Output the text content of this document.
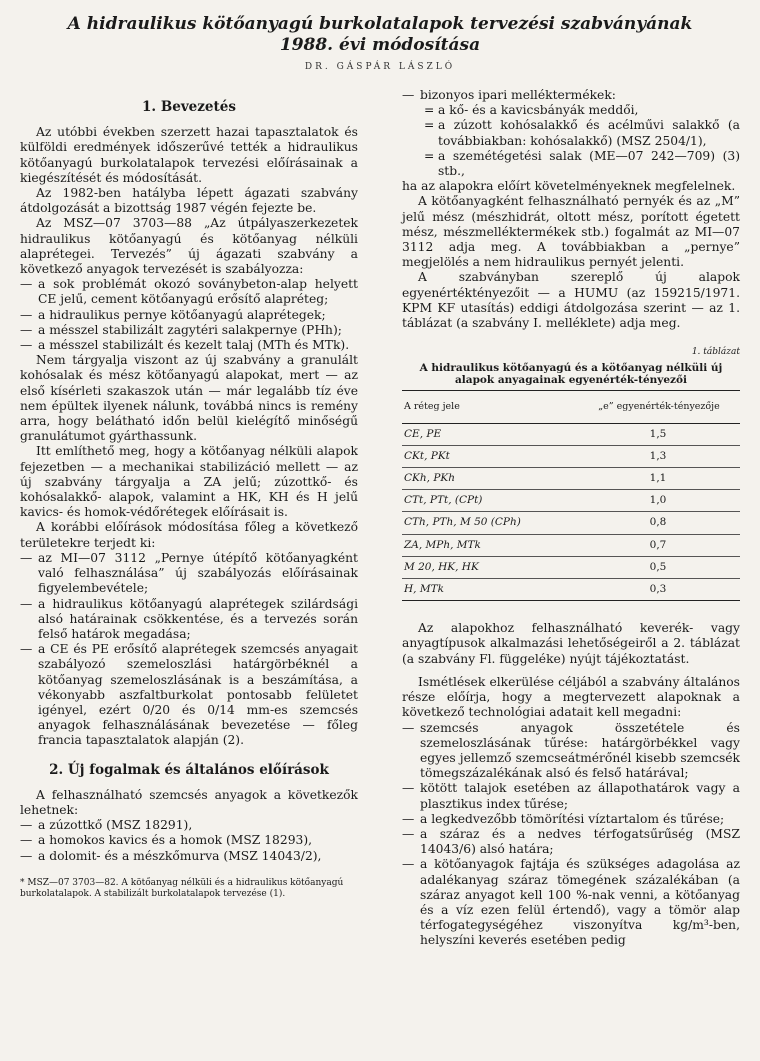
A hidraulikus kötőanyagú burkolatalapok tervezési szabványának
1988. évi módosítása
DR. GÁSPÁR LÁSZLÓ
1. Bevezetés

Az utóbbi években szerzett hazai tapasztalatok és külföldi eredmények időszerűvé tették a hidraulikus kötőanyagú burkolatalapok tervezési előírásainak a kiegészítését és módosítását.

Az 1982-ben hatályba lépett ágazati szabvány átdolgozását a bizottság 1987 végén fejezte be.

Az MSZ—07 3703—88 „Az útpályaszerkezetek hidraulikus kötőanyagú és kötőanyag nélküli alaprétegei. Tervezés” új ágazati szabvány a következő anyagok tervezését is szabályozza:

— a sok problémát okozó soványbeton-alap helyett CE jelű, cement kötőanyagú erősítő alapréteg;
— a hidraulikus pernye kötőanyagú alaprétegek;
— a mésszel stabilizált zagytéri salakpernye (PHh);
— a mésszel stabilizált és kezelt talaj (MTh és MTk).

Nem tárgyalja viszont az új szabvány a granulált kohósalak és mész kötőanyagú alapokat, mert — az első kísérleti szakaszok után — már legalább tíz éve nem épültek ilyenek nálunk, továbbá nincs is remény arra, hogy belátható időn belül kielégítő minőségű granulátumot gyárthassunk.

Itt említhető meg, hogy a kötőanyag nélküli alapok fejezetben — a mechanikai stabilizáció mellett — az új szabvány tárgyalja a ZA jelű; zúzottkő- és kohósalakkő- alapok, valamint a HK, KH és H jelű kavics- és homok-védőrétegek előírásait is.

A korábbi előírások módosítása főleg a következő területekre terjedt ki:

— az MI—07 3112 „Pernye útépítő kötőanyagként való felhasználása” új szabályozás előírásainak figyelembevétele;
— a hidraulikus kötőanyagú alaprétegek szilárdsági alsó határainak csökkentése, és a tervezés során felső határok megadása;
— a CE és PE erősítő alaprétegek szemcsés anyagait szabályozó szemeloszlási határgörbéknél a kötőanyag szemeloszlásának is a beszámítása, a vékonyabb aszfaltburkolat pontosabb felületet igényel, ezért 0/20 és 0/14 mm-es szemcsés anyagok felhasználásának bevezetése — főleg francia tapasztalatok alapján (2).
2. Új fogalmak és általános előírások

A felhasználható szemcsés anyagok a következők lehetnek:

— a zúzottkő (MSZ 18291),
— a homokos kavics és a homok (MSZ 18293),
— a dolomit- és a mészkőmurva (MSZ 14043/2),
* MSZ—07 3703—82. A kötőanyag nélküli és a hidraulikus kötőanyagú burkolatalapok. A stabilizált burkolatalapok tervezése (1).
— bizonyos ipari melléktermékek:
= a kő- és a kavicsbányák meddői,
= a zúzott kohósalakkő és acélművi salakkő (a továbbiakban: kohósalakkő) (MSZ 2504/1),
= a szemétégetési salak (ME—07 242—709) (3) stb.,

ha az alapokra előírt követelményeknek megfelelnek.

A kötőanyagként felhasználható pernyék és az „M” jelű mész (mészhidrát, oltott mész, porított égetett mész, mészmelléktermékek stb.) fogalmát az MI—07 3112 adja meg. A továbbiakban a „pernye” megjelölés a nem hidraulikus pernyét jelenti.

A szabványban szereplő új alapok egyenértéktényezőit — a HUMU (az 159215/1971. KPM KF utasítás) eddigi átdolgozása szerint — az 1. táblázat (a szabvány I. melléklete) adja meg.

1. táblázat
A hidraulikus kötőanyagú és a kötőanyag nélküli új alapok anyagainak egyenérték-tényezői
A réteg jele	„e” egyenérték-tényezője
CE, PE	1,5
CKt, PKt	1,3
CKh, PKh	1,1
CTt, PTt, (CPt)	1,0
CTh, PTh, M 50 (CPh)	0,8
ZA, MPh, MTk	0,7
M 20, HK, HK	0,5
H, MTk	0,3

Az alapokhoz felhasználható keverék- vagy anyagtípusok alkalmazási lehetőségeiről a 2. táblázat (a szabvány Fl. függeléke) nyújt tájékoztatást.

Ismétlések elkerülése céljából a szabvány általános része előírja, hogy a megtervezett alapoknak a következő technológiai adatait kell megadni:

— szemcsés anyagok összetétele és szemeloszlásának tűrése: határgörbékkel vagy egyes jellemző szemcseátmérőnél kisebb szemcsék tömegszázalékának alsó és felső határával;
— kötött talajok esetében az állapothatárok vagy a plasztikus index tűrése;
— a legkedvezőbb tömörítési víztartalom és tűrése;
— a száraz és a nedves térfogatsűrűség (MSZ 14043/6) alsó határa;
— a kötőanyagok fajtája és szükséges adagolása az adalékanyag száraz tömegének százalékában (a száraz anyagot kell 100 %-nak venni, a kötőanyag és a víz ezen felül értendő), vagy a tömör alap térfogategységéhez viszonyítva kg/m³-ben, helyszíni keverés esetében pedig
